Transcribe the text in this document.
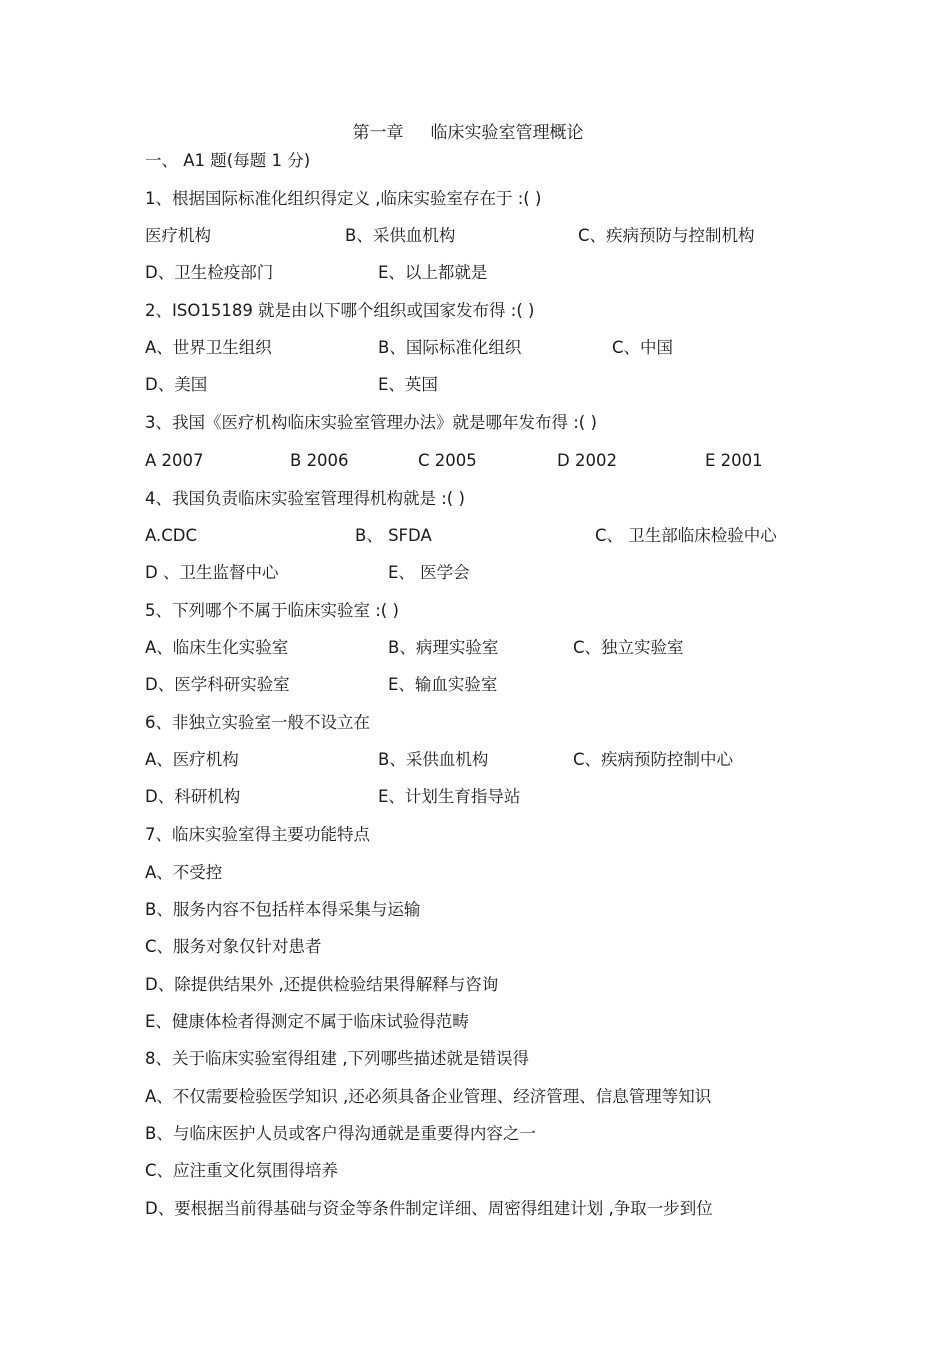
第一章     临床实验室管理概论
一、 A1 题(每题 1 分)
1、根据国际标准化组织得定义 ,临床实验室存在于 :( )
医疗机构	B、采供血机构	C、疾病预防与控制机构
D、卫生检疫部门	E、以上都就是
2、ISO15189 就是由以下哪个组织或国家发布得 :( )
A、世界卫生组织	B、国际标准化组织	C、中国
D、美国	E、英国
3、我国《医疗机构临床实验室管理办法》就是哪年发布得 :( )
A 2007	B 2006	C 2005	D 2002	E 2001
4、我国负责临床实验室管理得机构就是 :( )
A.CDC	B、 SFDA	C、 卫生部临床检验中心
D 、卫生监督中心	E、 医学会
5、下列哪个不属于临床实验室 :( )
A、临床生化实验室	B、病理实验室	C、独立实验室
D、医学科研实验室	E、输血实验室
6、非独立实验室一般不设立在
A、医疗机构	B、采供血机构	C、疾病预防控制中心
D、科研机构	E、计划生育指导站
7、临床实验室得主要功能特点
A、不受控
B、服务内容不包括样本得采集与运输
C、服务对象仅针对患者
D、除提供结果外 ,还提供检验结果得解释与咨询
E、健康体检者得测定不属于临床试验得范畴
8、关于临床实验室得组建 ,下列哪些描述就是错误得
A、不仅需要检验医学知识 ,还必须具备企业管理、经济管理、信息管理等知识
B、与临床医护人员或客户得沟通就是重要得内容之一
C、应注重文化氛围得培养
D、要根据当前得基础与资金等条件制定详细、周密得组建计划 ,争取一步到位
